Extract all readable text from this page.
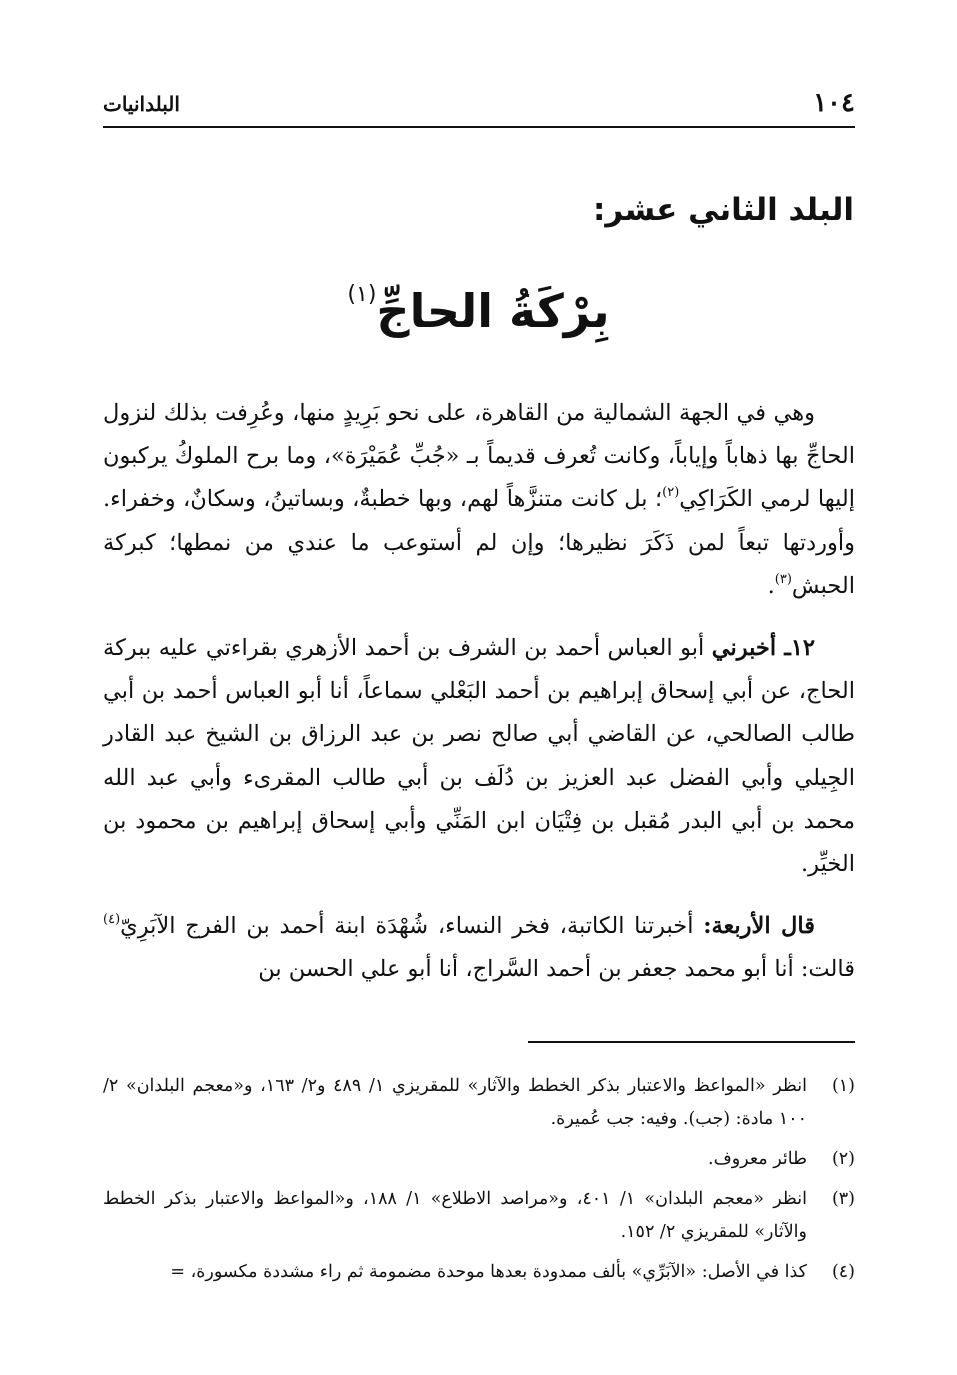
١٠٤
البلدانيات
البلد الثاني عشر:
بِرْكَةُ الحاجِّ$^{(١)}$

وهي في الجهة الشمالية من القاهرة، على نحو بَرِيدٍ منها، وعُرِفت بذلك لنزول الحاجِّ بها ذهاباً وإياباً، وكانت تُعرف قديماً بـ «جُبِّ عُمَيْرَة»، وما برح الملوكُ يركبون إليها لرمي الكَرَاكِي$^{(٢)}$؛ بل كانت متنزَّهاً لهم، وبها خطبةٌ، وبساتينُ، وسكانٌ، وخفراء. وأوردتها تبعاً لمن ذَكَرَ نظيرها؛ وإن لم أستوعب ما عندي من نمطها؛ كبركة الحبش$^{(٣)}$.

١٢ـ أخبرني أبو العباس أحمد بن الشرف بن أحمد الأزهري بقراءتي عليه ببركة الحاج، عن أبي إسحاق إبراهيم بن أحمد البَعْلي سماعاً، أنا أبو العباس أحمد بن أبي طالب الصالحي، عن القاضي أبي صالح نصر بن عبد الرزاق بن الشيخ عبد القادر الجِيلي وأبي الفضل عبد العزيز بن دُلَف بن أبي طالب المقرىء وأبي عبد الله محمد بن أبي البدر مُقبل بن فِتْيَان ابن المَنِّي وأبي إسحاق إبراهيم بن محمود بن الخيِّر.

قال الأربعة: أخبرتنا الكاتبة، فخر النساء، شُهْدَة ابنة أحمد بن الفرج الآبَرِيّ$^{(٤)}$ قالت: أنا أبو محمد جعفر بن أحمد السَّراج، أنا أبو علي الحسن بن

(١)
انظر «المواعظ والاعتبار بذكر الخطط والآثار» للمقريزي ١/ ٤٨٩ و٢/ ١٦٣، و«معجم البلدان» ٢/ ١٠٠ مادة: (جب). وفيه: جب عُميرة.
(٢)
طائر معروف.
(٣)
انظر «معجم البلدان» ١/ ٤٠١، و«مراصد الاطلاع» ١/ ١٨٨، و«المواعظ والاعتبار بذكر الخطط والآثار» للمقريزي ٢/ ١٥٢.
(٤)
كذا في الأصل: «الآبَرِّي» بألف ممدودة بعدها موحدة مضمومة ثم راء مشددة مكسورة، =
